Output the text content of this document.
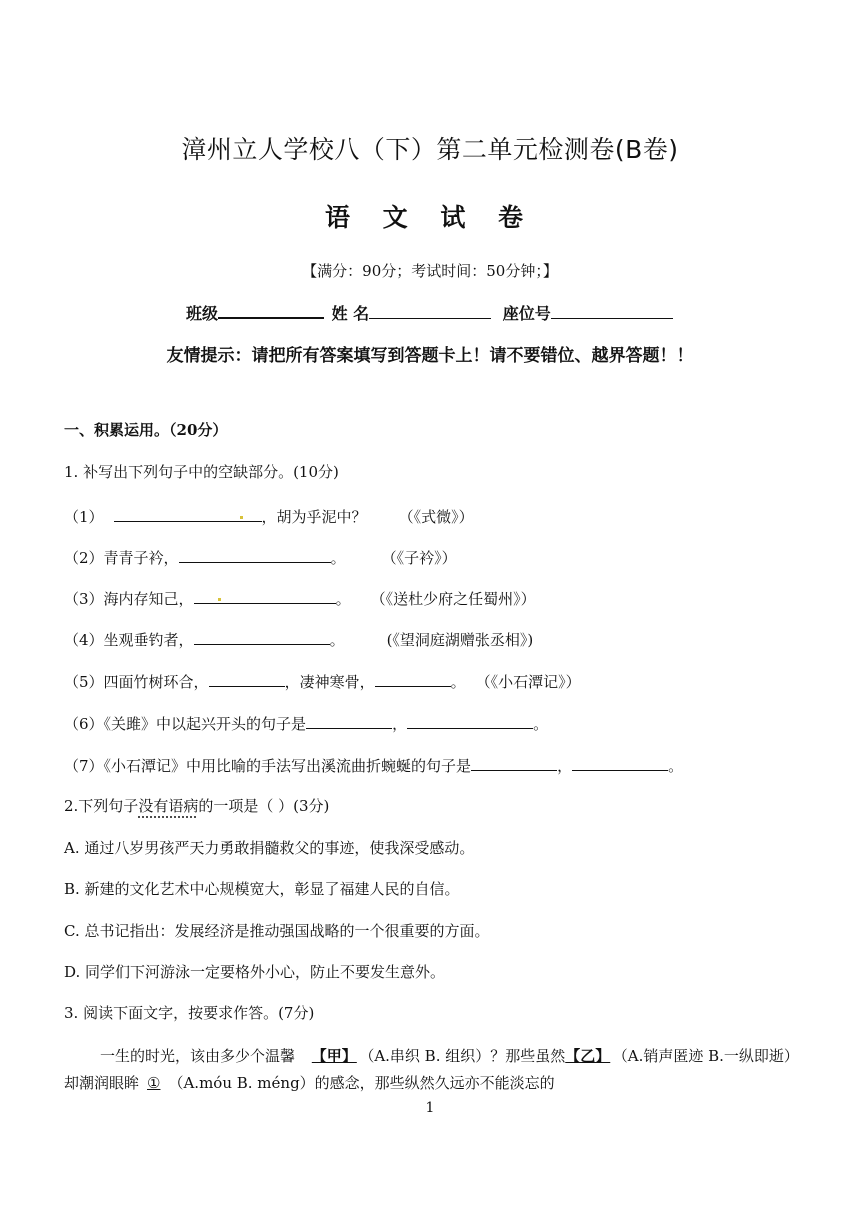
漳州立人学校八（下）第二单元检测卷(B卷)
语 文 试 卷
【满分：90分；考试时间：50分钟；】
班级	姓 名	座位号
友情提示：请把所有答案填写到答题卡上！请不要错位、越界答题！！
一、积累运用。（20分）
1. 补写出下列句子中的空缺部分。(10分)
（1）	，胡为乎泥中？ （《式微》）
（2）青青子衿，	。 （《子衿》）
（3）海内存知己，	。 （《送杜少府之任蜀州》）
（4）坐观垂钓者，	。	(《望洞庭湖赠张丞相》)
（5）四面竹树环合，	，凄神寒骨，	。 （《小石潭记》）
（6）《关雎》中以起兴开头的句子是	，	。
（7）《小石潭记》中用比喻的手法写出溪流曲折蜿蜒的句子是	，	。
2.下列句子没有语病的一项是（ ）(3分)
A. 通过八岁男孩严天力勇敢捐髓救父的事迹，使我深受感动。
B. 新建的文化艺术中心规模宽大，彰显了福建人民的自信。
C. 总书记指出：发展经济是推动强国战略的一个很重要的方面。
D. 同学们下河游泳一定要格外小心，防止不要发生意外。
3. 阅读下面文字，按要求作答。(7分)
一生的时光，该由多少个温馨 【甲】 （A.串织 B. 组织）？那些虽然【乙】 （A.销声匿迹 B.一纵即逝）却潮润眼眸 ① （A.móu B. méng）的感念，那些纵然久远亦不能淡忘的
1
